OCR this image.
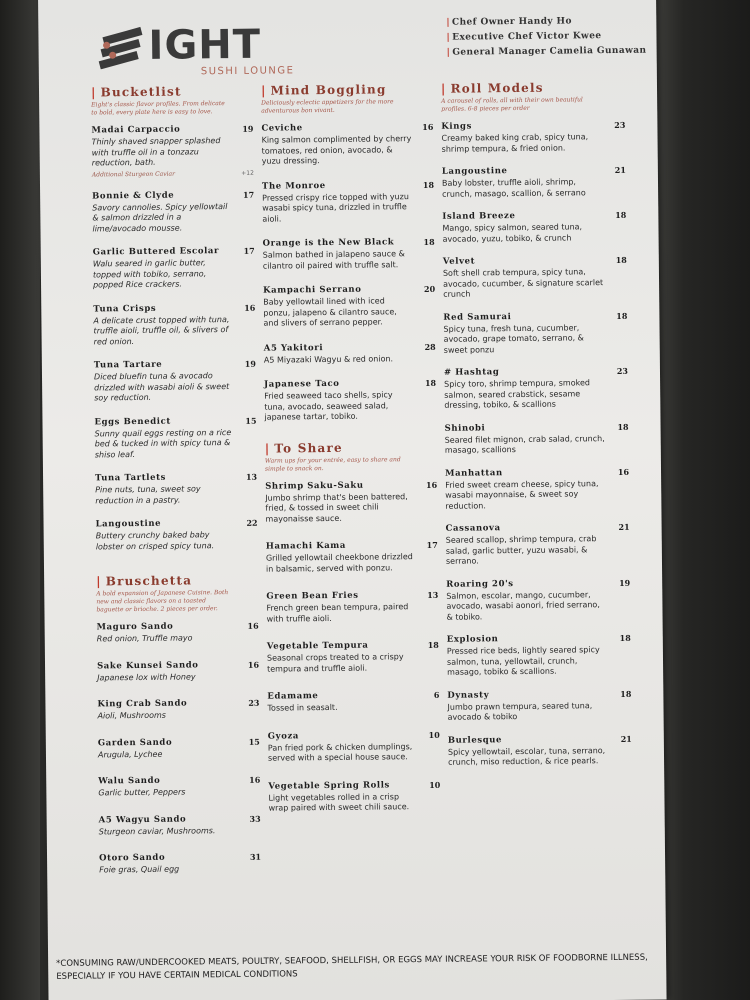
IGHT
SUSHI LOUNGE
| Chef Owner Handy Ho
| Executive Chef Victor Kwee
| General Manager Camelia Gunawan
| Bucketlist
Eight's classic flavor profiles. From delicate to bold, every plate here is easy to love.
Madai Carpaccio	19
Thinly shaved snapper splashed with truffle oil in a tonzazu reduction, bath.
Additional Sturgeon Caviar	+12
Bonnie & Clyde	17
Savory cannolies. Spicy yellowtail & salmon drizzled in a lime/avocado mousse.
Garlic Buttered Escolar	17
Walu seared in garlic butter, topped with tobiko, serrano, popped Rice crackers.
Tuna Crisps	16
A delicate crust topped with tuna, truffle aioli, truffle oil, & slivers of red onion.
Tuna Tartare	19
Diced bluefin tuna & avocado drizzled with wasabi aioli & sweet soy reduction.
Eggs Benedict	15
Sunny quail eggs resting on a rice bed & tucked in with spicy tuna & shiso leaf.
Tuna Tartlets	13
Pine nuts, tuna, sweet soy reduction in a pastry.
Langoustine	22
Buttery crunchy baked baby lobster on crisped spicy tuna.
| Bruschetta
A bold expansion of Japanese Cuisine. Both new and classic flavors on a toasted baguette or brioche. 2 pieces per order.
Maguro Sando	16
Red onion, Truffle mayo
Sake Kunsei Sando	16
Japanese lox with Honey
King Crab Sando	23
Aioli, Mushrooms
Garden Sando	15
Arugula, Lychee
Walu Sando	16
Garlic butter, Peppers
A5 Wagyu Sando	33
Sturgeon caviar, Mushrooms.
Otoro Sando	31
Foie gras, Quail egg
| Mind Boggling
Deliciously eclectic appetizers for the more adventurous bon vivant.
Ceviche	16
King salmon complimented by cherry tomatoes, red onion, avocado, & yuzu dressing.
The Monroe	18
Pressed crispy rice topped with yuzu wasabi spicy tuna, drizzled in truffle aioli.
Orange is the New Black	18
Salmon bathed in jalapeno sauce & cilantro oil paired with truffle salt.
Kampachi Serrano	20
Baby yellowtail lined with iced ponzu, jalapeno & cilantro sauce, and slivers of serrano pepper.
A5 Yakitori	28
A5 Miyazaki Wagyu & red onion.
Japanese Taco	18
Fried seaweed taco shells, spicy tuna, avocado, seaweed salad, japanese tartar, tobiko.
| To Share
Warm ups for your entrée, easy to share and simple to snack on.
Shrimp Saku-Saku	16
Jumbo shrimp that's been battered, fried, & tossed in sweet chili mayonaisse sauce.
Hamachi Kama	17
Grilled yellowtail cheekbone drizzled in balsamic, served with ponzu.
Green Bean Fries	13
French green bean tempura, paired with truffle aioli.
Vegetable Tempura	18
Seasonal crops treated to a crispy tempura and truffle aioli.
Edamame	6
Tossed in seasalt.
Gyoza	10
Pan fried pork & chicken dumplings, served with a special house sauce.
Vegetable Spring Rolls	10
Light vegetables rolled in a crisp wrap paired with sweet chili sauce.
| Roll Models
A carousel of rolls, all with their own beautiful profiles. 6-8 pieces per order
Kings	23
Creamy baked king crab, spicy tuna, shrimp tempura, & fried onion.
Langoustine	21
Baby lobster, truffle aioli, shrimp, crunch, masago, scallion, & serrano
Island Breeze	18
Mango, spicy salmon, seared tuna, avocado, yuzu, tobiko, & crunch
Velvet	18
Soft shell crab tempura, spicy tuna, avocado, cucumber, & signature scarlet crunch
Red Samurai	18
Spicy tuna, fresh tuna, cucumber, avocado, grape tomato, serrano, & sweet ponzu
# Hashtag	23
Spicy toro, shrimp tempura, smoked salmon, seared crabstick, sesame dressing, tobiko, & scallions
Shinobi	18
Seared filet mignon, crab salad, crunch, masago, scallions
Manhattan	16
Fried sweet cream cheese, spicy tuna, wasabi mayonnaise, & sweet soy reduction.
Cassanova	21
Seared scallop, shrimp tempura, crab salad, garlic butter, yuzu wasabi, & serrano.
Roaring 20's	19
Salmon, escolar, mango, cucumber, avocado, wasabi aonori, fried serrano, & tobiko.
Explosion	18
Pressed rice beds, lightly seared spicy salmon, tuna, yellowtail, crunch, masago, tobiko & scallions.
Dynasty	18
Jumbo prawn tempura, seared tuna, avocado & tobiko
Burlesque	21
Spicy yellowtail, escolar, tuna, serrano, crunch, miso reduction, & rice pearls.
*CONSUMING RAW/UNDERCOOKED MEATS, POULTRY, SEAFOOD, SHELLFISH, OR EGGS MAY INCREASE YOUR RISK OF FOODBORNE ILLNESS, ESPECIALLY IF YOU HAVE CERTAIN MEDICAL CONDITIONS
